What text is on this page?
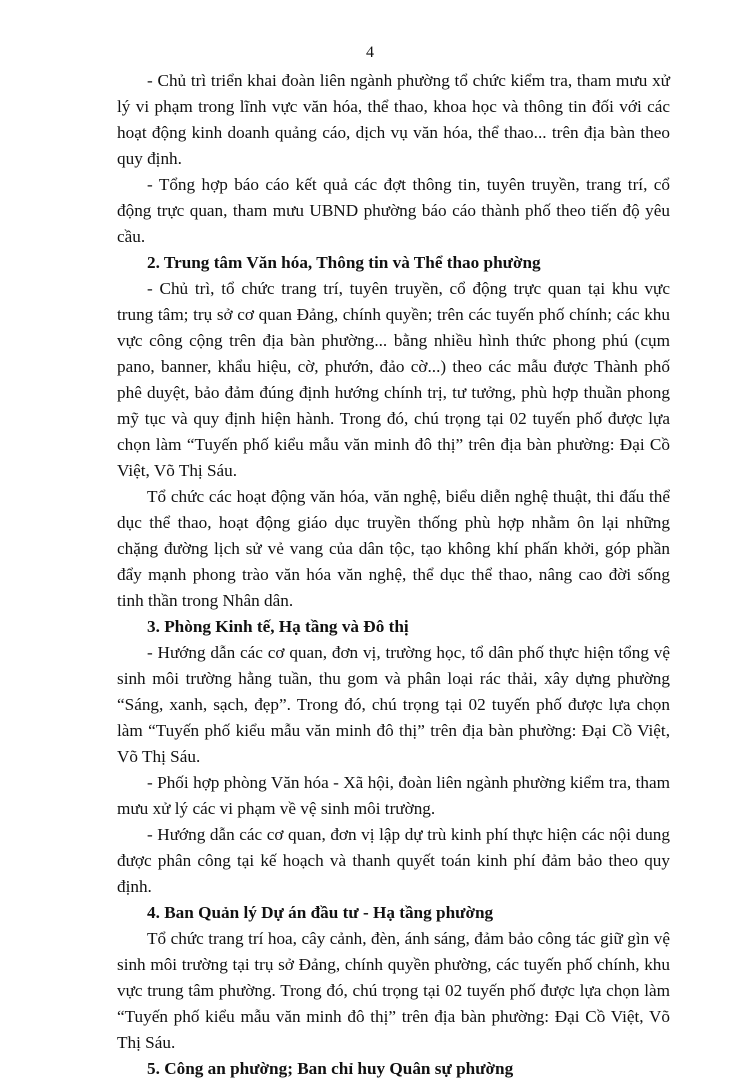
4

- Chủ trì triển khai đoàn liên ngành phường tổ chức kiểm tra, tham mưu xử lý vi phạm trong lĩnh vực văn hóa, thể thao, khoa học và thông tin đối với các hoạt động kinh doanh quảng cáo, dịch vụ văn hóa, thể thao... trên địa bàn theo quy định.

- Tổng hợp báo cáo kết quả các đợt thông tin, tuyên truyền, trang trí, cổ động trực quan, tham mưu UBND phường báo cáo thành phố theo tiến độ yêu cầu.

2. Trung tâm Văn hóa, Thông tin và Thể thao phường

- Chủ trì, tổ chức trang trí, tuyên truyền, cổ động trực quan tại khu vực trung tâm; trụ sở cơ quan Đảng, chính quyền; trên các tuyến phố chính; các khu vực công cộng trên địa bàn phường... bằng nhiều hình thức phong phú (cụm pano, banner, khẩu hiệu, cờ, phướn, đảo cờ...) theo các mẫu được Thành phố phê duyệt, bảo đảm đúng định hướng chính trị, tư tưởng, phù hợp thuần phong mỹ tục và quy định hiện hành. Trong đó, chú trọng tại 02 tuyến phố được lựa chọn làm “Tuyến phố kiểu mẫu văn minh đô thị” trên địa bàn phường: Đại Cồ Việt, Võ Thị Sáu.

Tổ chức các hoạt động văn hóa, văn nghệ, biểu diễn nghệ thuật, thi đấu thể dục thể thao, hoạt động giáo dục truyền thống phù hợp nhằm ôn lại những chặng đường lịch sử vẻ vang của dân tộc, tạo không khí phấn khởi, góp phần đẩy mạnh phong trào văn hóa văn nghệ, thể dục thể thao, nâng cao đời sống tinh thần trong Nhân dân.

3. Phòng Kinh tế, Hạ tầng và Đô thị

- Hướng dẫn các cơ quan, đơn vị, trường học, tổ dân phố thực hiện tổng vệ sinh môi trường hằng tuần, thu gom và phân loại rác thải, xây dựng phường “Sáng, xanh, sạch, đẹp”. Trong đó, chú trọng tại 02 tuyến phố được lựa chọn làm “Tuyến phố kiểu mẫu văn minh đô thị” trên địa bàn phường: Đại Cồ Việt, Võ Thị Sáu.

- Phối hợp phòng Văn hóa - Xã hội, đoàn liên ngành phường kiểm tra, tham mưu xử lý các vi phạm về vệ sinh môi trường.

- Hướng dẫn các cơ quan, đơn vị lập dự trù kinh phí thực hiện các nội dung được phân công tại kế hoạch và thanh quyết toán kinh phí đảm bảo theo quy định.

4. Ban Quản lý Dự án đầu tư - Hạ tầng phường

Tổ chức trang trí hoa, cây cảnh, đèn, ánh sáng, đảm bảo công tác giữ gìn vệ sinh môi trường tại trụ sở Đảng, chính quyền phường, các tuyến phố chính, khu vực trung tâm phường. Trong đó, chú trọng tại 02 tuyến phố được lựa chọn làm “Tuyến phố kiểu mẫu văn minh đô thị” trên địa bàn phường: Đại Cồ Việt, Võ Thị Sáu.

5. Công an phường; Ban chỉ huy Quân sự phường
